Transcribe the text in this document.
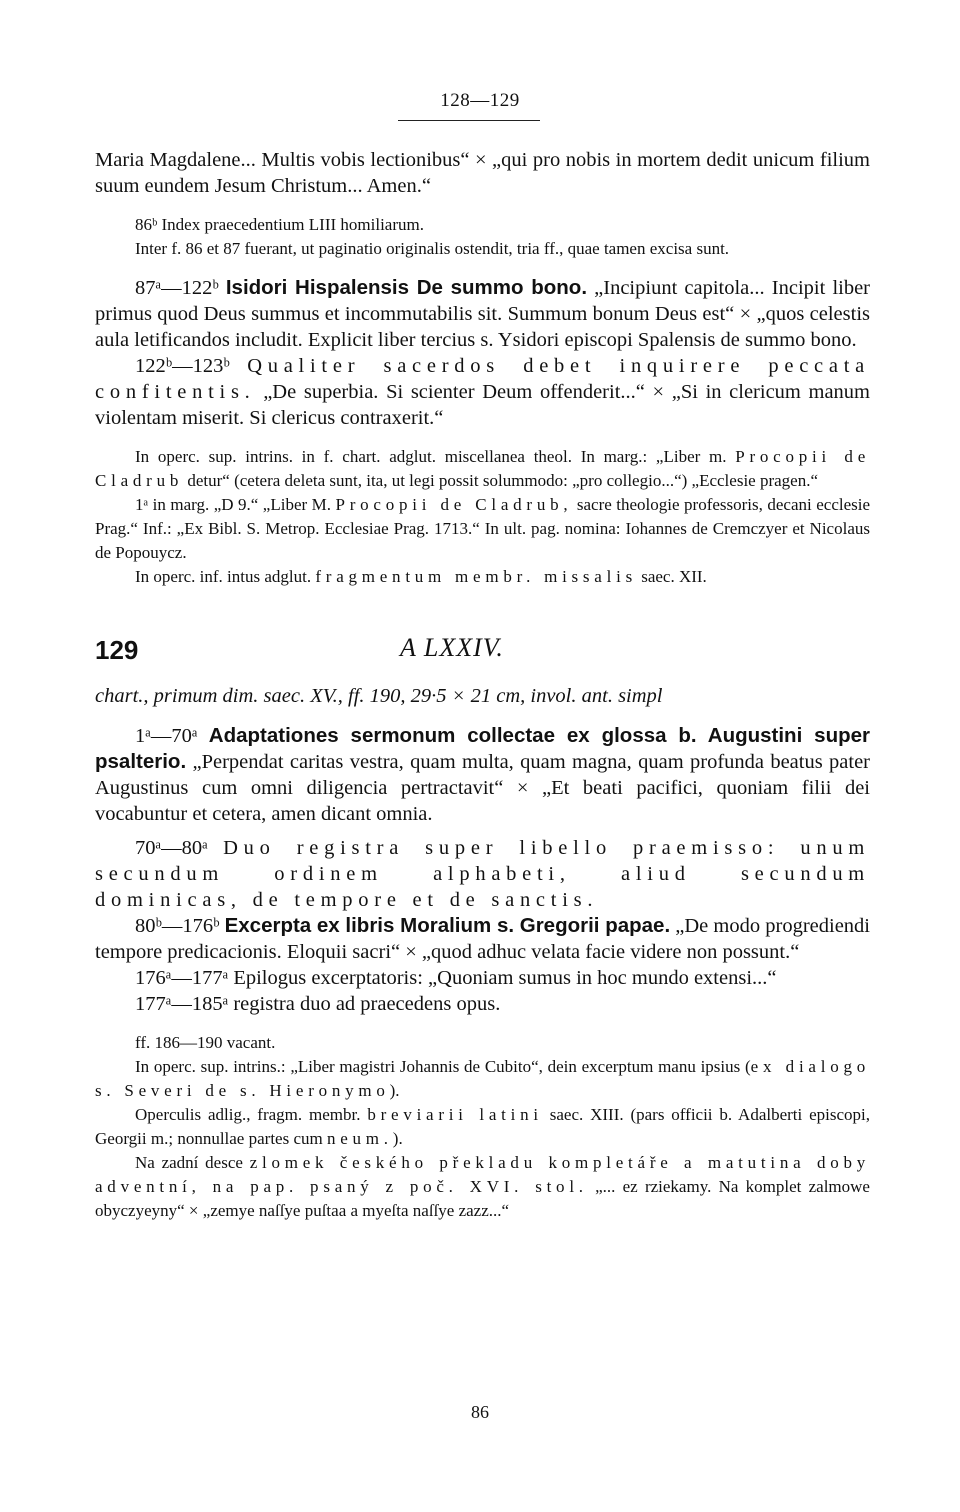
128—129

Maria Magdalene... Multis vobis lectionibus“ × „qui pro nobis in mortem dedit unicum filium suum eundem Jesum Christum... Amen.“

86ᵇ Index praecedentium LIII homiliarum.

Inter f. 86 et 87 fuerant, ut paginatio originalis ostendit, tria ff., quae tamen excisa sunt.

87ᵃ—122ᵇ Isidori Hispalensis De summo bono. „Incipiunt capitola... Incipit liber primus quod Deus summus et incommutabilis sit. Summum bonum Deus est“ × „quos celestis aula letificandos includit. Explicit liber tercius s. Ysidori episcopi Spalensis de summo bono.

122ᵇ—123ᵇ Qualiter sacerdos debet inquirere peccata confitentis. „De superbia. Si scienter Deum offenderit...“ × „Si in clericum manum violentam miserit. Si clericus contraxerit.“

In operc. sup. intrins. in f. chart. adglut. miscellanea theol. In marg.: „Liber m. Procopii de Cladrub detur“ (cetera deleta sunt, ita, ut legi possit solummodo: „pro collegio...“) „Ecclesie pragen.“

1ᵃ in marg. „D 9.“ „Liber M. Procopii de Cladrub, sacre theologie professoris, decani ecclesie Prag.“ Inf.: „Ex Bibl. S. Metrop. Ecclesiae Prag. 1713.“ In ult. pag. nomina: Iohannes de Cremczyer et Nicolaus de Popouycz.

In operc. inf. intus adglut. fragmentum membr. missalis saec. XII.

129	A LXXIV.

chart., primum dim. saec. XV., ff. 190, 29·5 × 21 cm, invol. ant. simpl

1ᵃ—70ᵃ Adaptationes sermonum collectae ex glossa b. Augustini super psalterio. „Perpendat caritas vestra, quam multa, quam magna, quam profunda beatus pater Augustinus cum omni diligencia pertractavit“ × „Et beati pacifici, quoniam filii dei vocabuntur et cetera, amen dicant omnia.

70ᵃ—80ᵃ Duo registra super libello praemisso: unum secundum ordinem alphabeti, aliud secundum dominicas, de tempore et de sanctis.

80ᵇ—176ᵇ Excerpta ex libris Moralium s. Gregorii papae. „De modo progrediendi tempore predicacionis. Eloquii sacri“ × „quod adhuc velata facie videre non possunt.“

176ᵃ—177ᵃ Epilogus excerptatoris: „Quoniam sumus in hoc mundo extensi...“

177ᵃ—185ᵃ registra duo ad praecedens opus.

ff. 186—190 vacant.

In operc. sup. intrins.: „Liber magistri Johannis de Cubito“, dein excerptum manu ipsius (ex dialogo s. Severi de s. Hieronymo).

Operculis adlig., fragm. membr. breviarii latini saec. XIII. (pars officii b. Adalberti episcopi, Georgii m.; nonnullae partes cum neum.).

Na zadní desce zlomek českého překladu kompletáře a matutina doby adventní, na pap. psaný z poč. XVI. stol. „... ez rziekamy. Na komplet zalmowe obyczyeyny“ × „zemye naſſye puſtaa a myeſta naſſye zazz...“

86
